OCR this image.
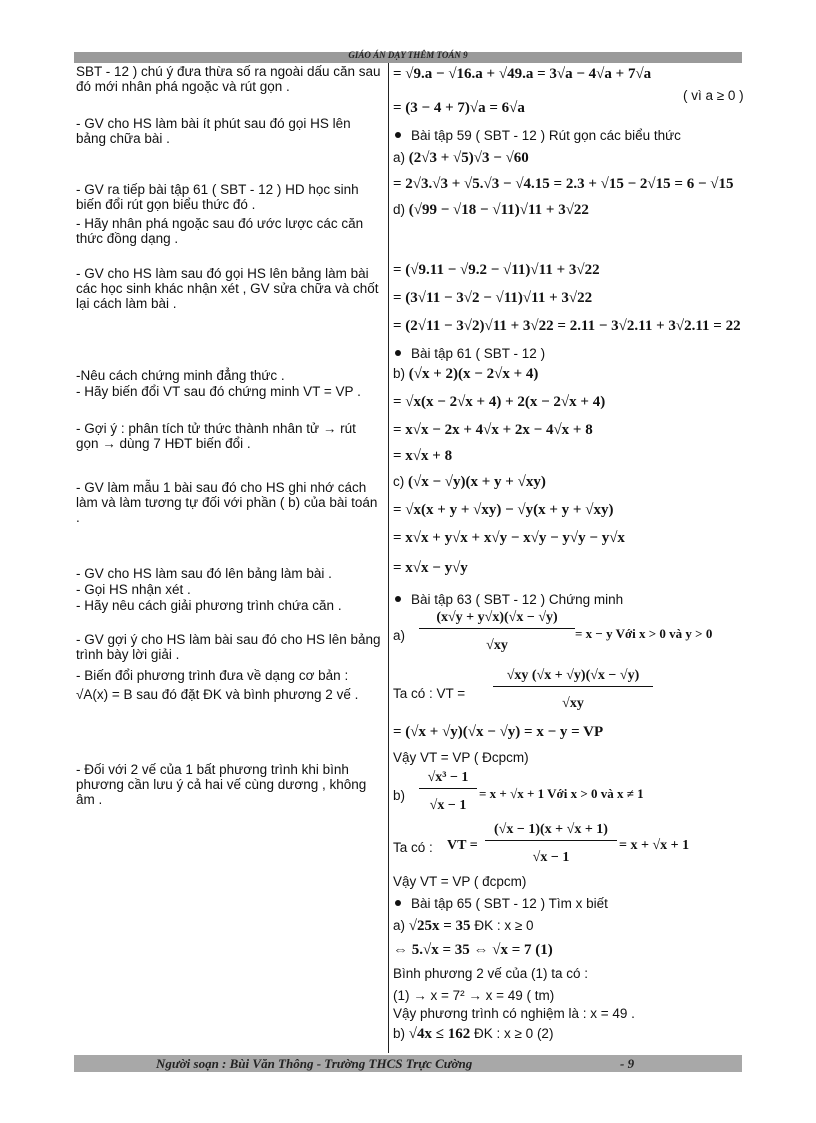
GIÁO ÁN DẠY THÊM TOÁN 9

SBT - 12 ) chú ý đưa thừa số ra ngoài dấu căn sau đó mới nhân phá ngoặc và rút gọn .

- GV cho HS làm bài ít phút sau đó gọi HS lên bảng chữa bài .

- GV ra tiếp bài tập 61 ( SBT - 12 ) HD học sinh biến đổi rút gọn biểu thức đó .

- Hãy nhân phá ngoặc sau đó ước lược các căn thức đồng dạng .

- GV cho HS làm sau đó gọi HS lên bảng làm bài các học sinh khác nhận xét , GV sửa chữa và chốt lại cách làm bài .

-Nêu cách chứng minh đẳng thức .

- Hãy biến đổi VT sau đó chứng minh VT = VP .

- Gợi ý : phân tích tử thức thành nhân tử → rút gọn → dùng 7 HĐT biến đổi .

- GV làm mẫu 1 bài sau đó cho HS ghi nhớ cách làm và làm tương tự đối với phần ( b) của bài toán .

- GV cho HS làm sau đó lên bảng làm bài .

- Gọi HS nhận xét .

- Hãy nêu cách giải phương trình chứa căn .

- GV gợi ý cho HS làm bài sau đó cho HS lên bảng trình bày lời giải .

- Biến đổi phương trình đưa về dạng cơ bản : √A(x) = B sau đó đặt ĐK và bình phương 2 vế .

- Đối với 2 vế của 1 bất phương trình khi bình phương cần lưu ý cả hai vế cùng dương , không âm .

= √9.a − √16.a + √49.a = 3√a − 4√a + 7√a
( vì a ≥ 0 )
= (3 − 4 + 7)√a = 6√a
Bài tập 59 ( SBT - 12 ) Rút gọn các biểu thức
a) (2√3 + √5)√3 − √60
= 2√3.√3 + √5.√3 − √4.15 = 2.3 + √15 − 2√15 = 6 − √15
d) (√99 − √18 − √11)√11 + 3√22
= (√9.11 − √9.2 − √11)√11 + 3√22
= (3√11 − 3√2 − √11)√11 + 3√22
= (2√11 − 3√2)√11 + 3√22 = 2.11 − 3√2.11 + 3√2.11 = 22
Bài tập 61 ( SBT - 12 )
b) (√x + 2)(x − 2√x + 4)
= √x(x − 2√x + 4) + 2(x − 2√x + 4)
= x√x − 2x + 4√x + 2x − 4√x + 8
= x√x + 8
c) (√x − √y)(x + y + √xy)
= √x(x + y + √xy) − √y(x + y + √xy)
= x√x + y√x + x√y − x√y − y√y − y√x
= x√x − y√y
Bài tập 63 ( SBT - 12 ) Chứng minh
a)
(x√y + y√x)(√x − √y)
√xy
= x − y Với x > 0 và y > 0
Ta có : VT =
√xy (√x + √y)(√x − √y)
√xy
= (√x + √y)(√x − √y) = x − y = VP
Vậy VT = VP ( Đcpcm)
b)
√x³ − 1
√x − 1
= x + √x + 1 Với x > 0 và x ≠ 1
Ta có : VT =
(√x − 1)(x + √x + 1)
√x − 1
= x + √x + 1
Vậy VT = VP ( đcpcm)
Bài tập 65 ( SBT - 12 ) Tìm x biết
a) √25x = 35 ĐK : x ≥ 0
⇔ 5.√x = 35 ⇔ √x = 7 (1)
Bình phương 2 vế của (1) ta có :
(1) → x = 7² → x = 49 ( tm)
Vậy phương trình có nghiệm là : x = 49 .
b) √4x ≤ 162 ĐK : x ≥ 0 (2)
Người soạn : Bùi Văn Thông - Trường THCS Trực Cường	- 9
